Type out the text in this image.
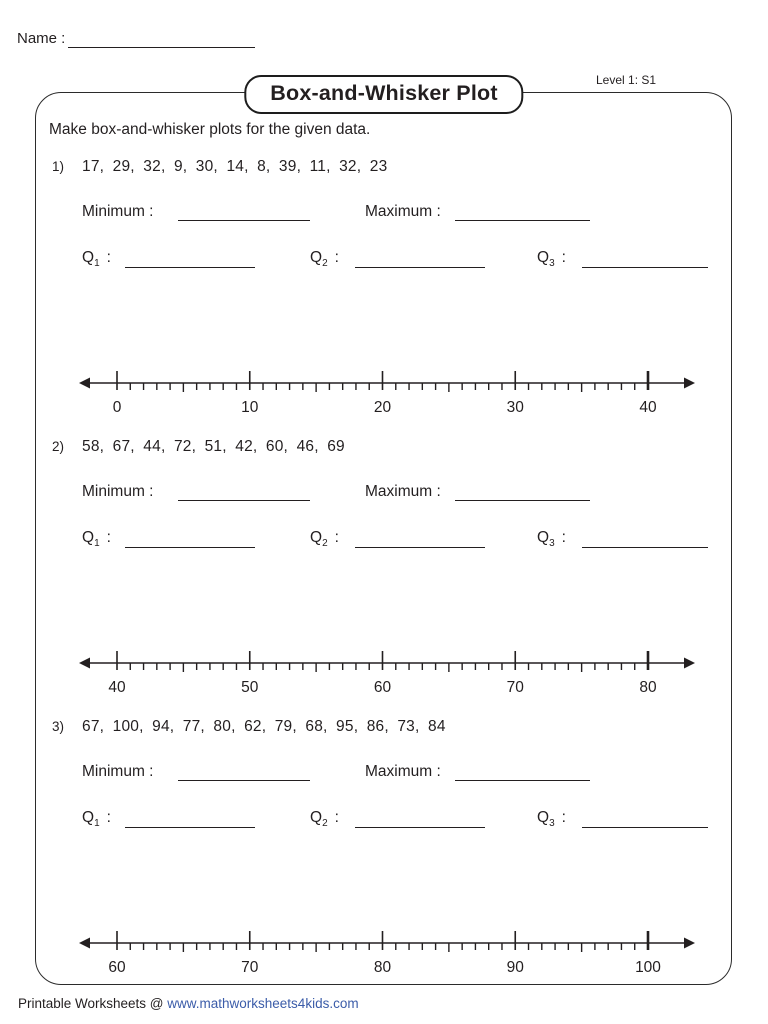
Name :
Box-and-Whisker Plot
Level 1: S1
Make box-and-whisker plots for the given data.
1) 17, 29, 32, 9, 30, 14, 8, 39, 11, 32, 23
Minimum :	Maximum :
$Q_1$ :	$Q_2$ :	$Q_3$ :
0	10	20	30	40
2) 58, 67, 44, 72, 51, 42, 60, 46, 69
Minimum :	Maximum :
$Q_1$ :	$Q_2$ :	$Q_3$ :
40	50	60	70	80
3) 67, 100, 94, 77, 80, 62, 79, 68, 95, 86, 73, 84
Minimum :	Maximum :
$Q_1$ :	$Q_2$ :	$Q_3$ :
60	70	80	90	100
Printable Worksheets @ www.mathworksheets4kids.com
